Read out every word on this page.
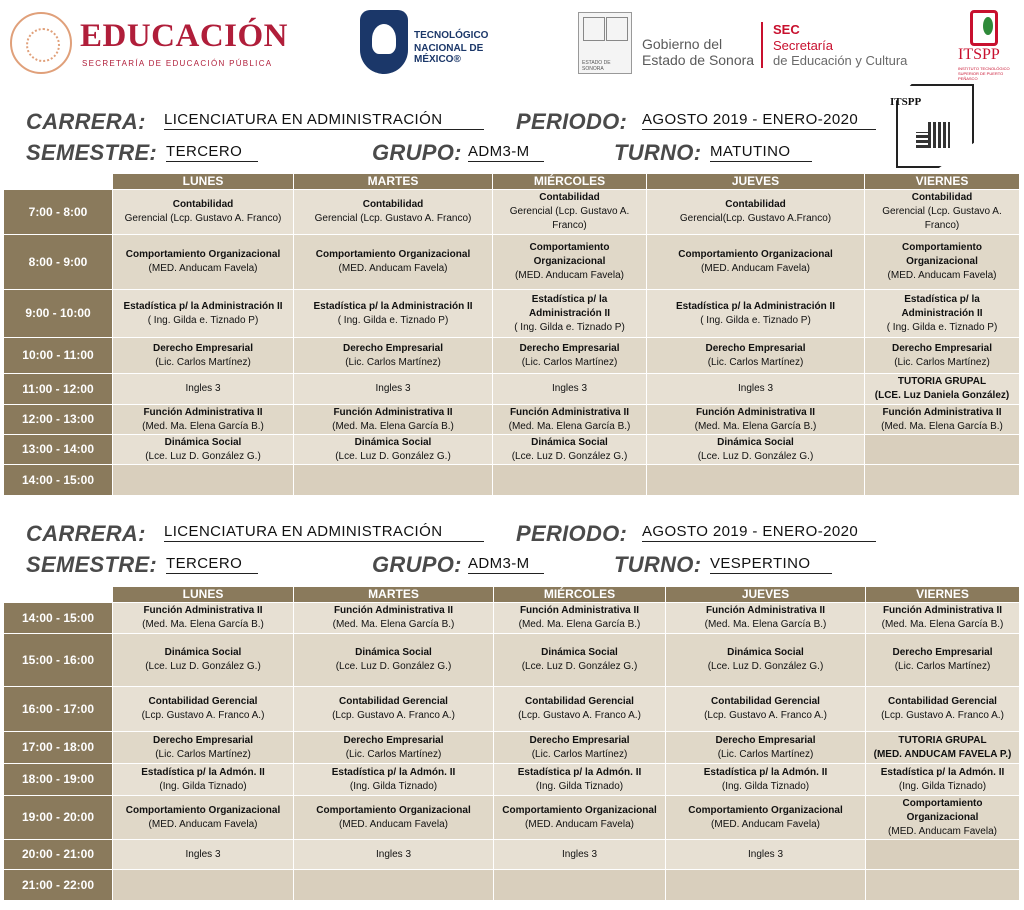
EDUCACIÓN
SECRETARÍA DE EDUCACIÓN PÚBLICA
TECNOLÓGICO
NACIONAL DE MÉXICO®	ESTADO DE SONORA
Gobierno del
Estado de Sonora
SEC
Secretaría
de Educación y Cultura	ITSPP
INSTITUTO TECNOLÓGICO SUPERIOR DE PUERTO PEÑASCO
ITSPP
CARRERA: LICENCIATURA EN ADMINISTRACIÓN	PERIODO: AGOSTO 2019 - ENERO-2020
SEMESTRE: TERCERO	GRUPO: ADM3-M	TURNO: MATUTINO
	LUNES	MARTES	MIÉRCOLES	JUEVES	VIERNES
7:00 - 8:00	Contabilidad
Gerencial (Lcp. Gustavo A. Franco)	Contabilidad
Gerencial (Lcp. Gustavo A. Franco)	Contabilidad
Gerencial (Lcp. Gustavo A. Franco)	Contabilidad
Gerencial(Lcp. Gustavo A.Franco)	Contabilidad
Gerencial (Lcp. Gustavo A. Franco)

8:00 - 9:00	Comportamiento Organizacional
(MED. Anducam Favela)	Comportamiento Organizacional
(MED. Anducam Favela)	Comportamiento Organizacional
(MED. Anducam Favela)	Comportamiento Organizacional
(MED. Anducam Favela)	Comportamiento Organizacional
(MED. Anducam Favela)

9:00 - 10:00	Estadística p/ la Administración II
( Ing. Gilda e. Tiznado P)	Estadística p/ la Administración II
( Ing. Gilda e. Tiznado P)	Estadística p/ la Administración II
( Ing. Gilda e. Tiznado P)	Estadística p/ la Administración II
( Ing. Gilda e. Tiznado P)	Estadística p/ la Administración II
( Ing. Gilda e. Tiznado P)

10:00 - 11:00	Derecho Empresarial
(Lic. Carlos Martínez)	Derecho Empresarial
(Lic. Carlos Martínez)	Derecho Empresarial
(Lic. Carlos Martínez)	Derecho Empresarial
(Lic. Carlos Martínez)	Derecho Empresarial
(Lic. Carlos Martínez)

11:00 - 12:00	Ingles 3	Ingles 3	Ingles 3	Ingles 3	TUTORIA GRUPAL
(LCE. Luz Daniela González)

12:00 - 13:00	Función Administrativa II
(Med. Ma. Elena García B.)	Función Administrativa II
(Med. Ma. Elena García B.)	Función Administrativa II
(Med. Ma. Elena García B.)	Función Administrativa II
(Med. Ma. Elena García B.)	Función Administrativa II
(Med. Ma. Elena García B.)

13:00 - 14:00	Dinámica Social
(Lce. Luz D. González G.)	Dinámica Social
(Lce. Luz D. González G.)	Dinámica Social
(Lce. Luz D. González G.)	Dinámica Social
(Lce. Luz D. González G.)	

14:00 - 15:00					
CARRERA: LICENCIATURA EN ADMINISTRACIÓN	PERIODO: AGOSTO 2019 - ENERO-2020
SEMESTRE: TERCERO	GRUPO: ADM3-M	TURNO: VESPERTINO
	LUNES	MARTES	MIÉRCOLES	JUEVES	VIERNES
14:00 - 15:00	Función Administrativa II
(Med. Ma. Elena García B.)	Función Administrativa II
(Med. Ma. Elena García B.)	Función Administrativa II
(Med. Ma. Elena García B.)	Función Administrativa II
(Med. Ma. Elena García B.)	Función Administrativa II
(Med. Ma. Elena García B.)

15:00 - 16:00	Dinámica Social
(Lce. Luz D. González G.)	Dinámica Social
(Lce. Luz D. González G.)	Dinámica Social
(Lce. Luz D. González G.)	Dinámica Social
(Lce. Luz D. González G.)	Derecho Empresarial
(Lic. Carlos Martínez)

16:00 - 17:00	Contabilidad Gerencial
(Lcp. Gustavo A. Franco A.)	Contabilidad Gerencial
(Lcp. Gustavo A. Franco A.)	Contabilidad Gerencial
(Lcp. Gustavo A. Franco A.)	Contabilidad Gerencial
(Lcp. Gustavo A. Franco A.)	Contabilidad Gerencial
(Lcp. Gustavo A. Franco A.)

17:00 - 18:00	Derecho Empresarial
(Lic. Carlos Martínez)	Derecho Empresarial
(Lic. Carlos Martínez)	Derecho Empresarial
(Lic. Carlos Martínez)	Derecho Empresarial
(Lic. Carlos Martínez)	TUTORIA GRUPAL
(MED. ANDUCAM FAVELA P.)

18:00 - 19:00	Estadística p/ la Admón. II
(Ing. Gilda Tiznado)	Estadística p/ la Admón. II
(Ing. Gilda Tiznado)	Estadística p/ la Admón. II
(Ing. Gilda Tiznado)	Estadística p/ la Admón. II
(Ing. Gilda Tiznado)	Estadística p/ la Admón. II
(Ing. Gilda Tiznado)

19:00 - 20:00	Comportamiento Organizacional
(MED. Anducam Favela)	Comportamiento Organizacional
(MED. Anducam Favela)	Comportamiento Organizacional
(MED. Anducam Favela)	Comportamiento Organizacional
(MED. Anducam Favela)	Comportamiento Organizacional
(MED. Anducam Favela)

20:00 - 21:00	Ingles 3	Ingles 3	Ingles 3	Ingles 3	

21:00 - 22:00					
